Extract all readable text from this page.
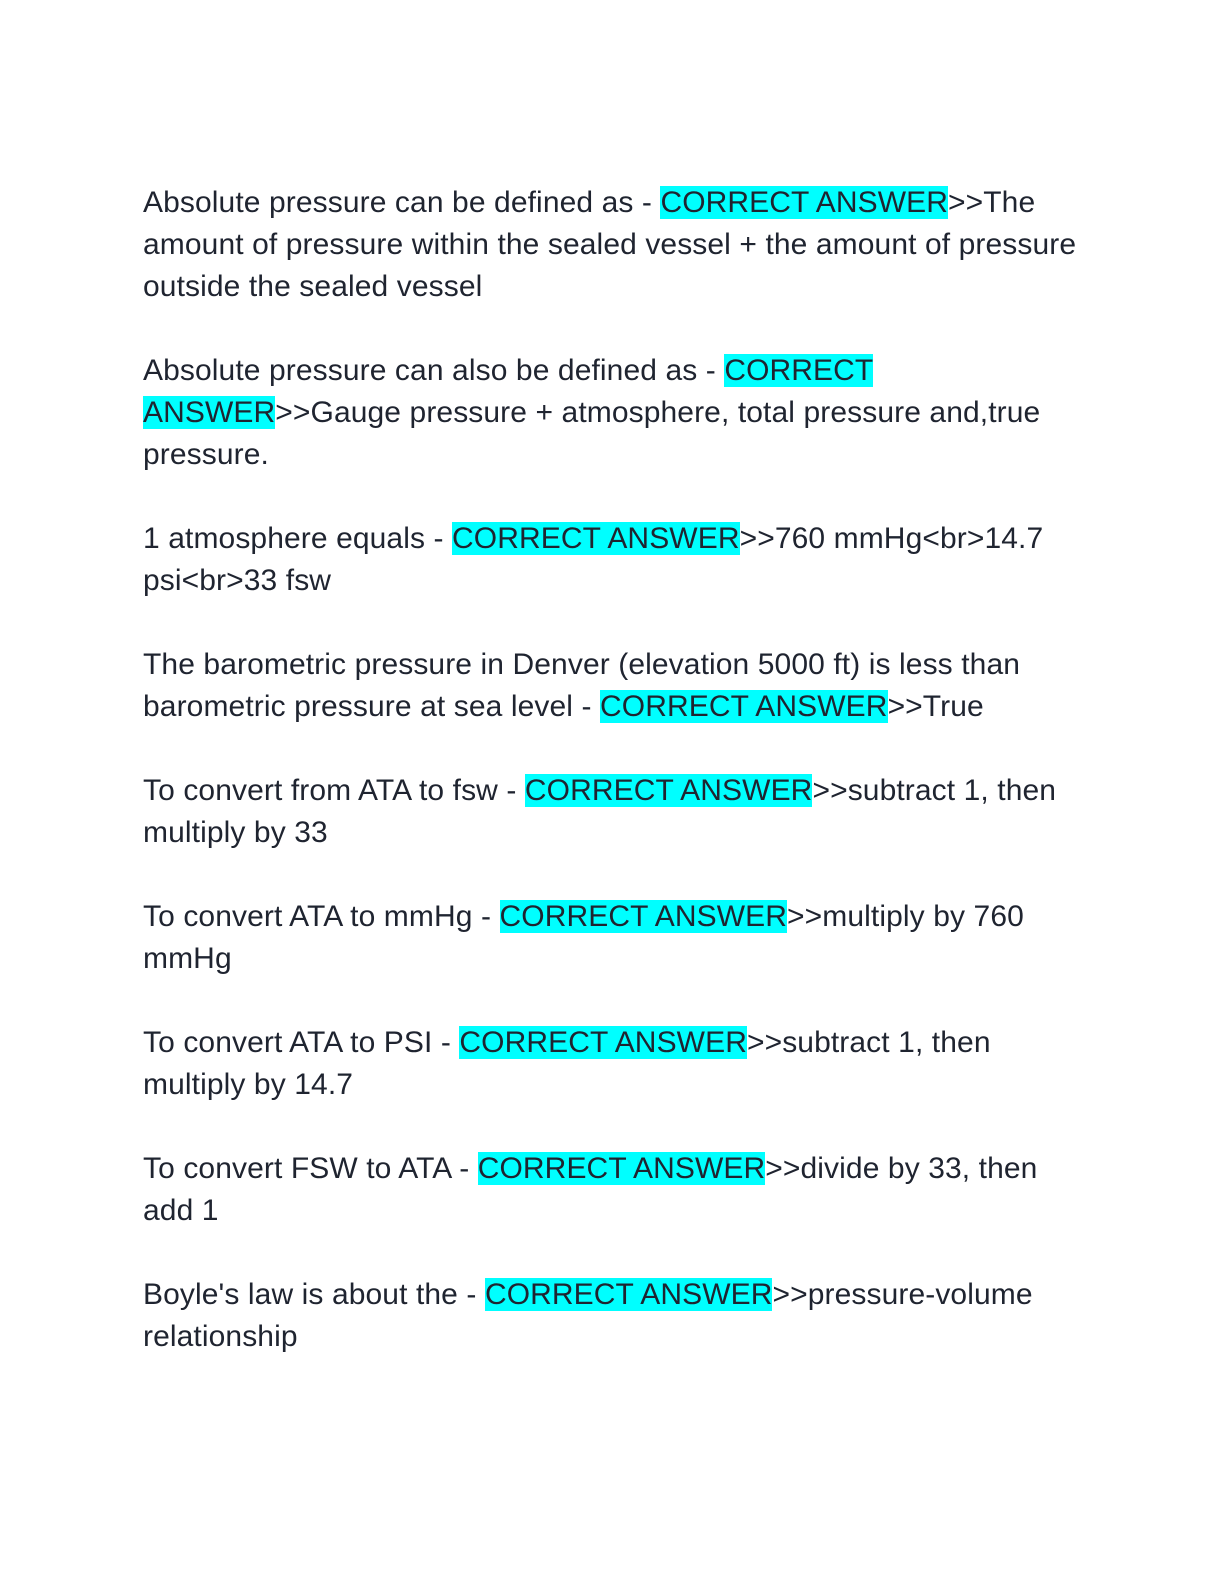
Absolute pressure can be defined as - CORRECT ANSWER>>The amount of pressure within the sealed vessel + the amount of pressure outside the sealed vessel

Absolute pressure can also be defined as - CORRECT ANSWER>>Gauge pressure + atmosphere, total pressure and,true pressure.

1 atmosphere equals - CORRECT ANSWER>>760 mmHg<br>14.7 psi<br>33 fsw

The barometric pressure in Denver (elevation 5000 ft) is less than barometric pressure at sea level - CORRECT ANSWER>>True

To convert from ATA to fsw - CORRECT ANSWER>>subtract 1, then multiply by 33

To convert ATA to mmHg - CORRECT ANSWER>>multiply by 760 mmHg

To convert ATA to PSI - CORRECT ANSWER>>subtract 1, then multiply by 14.7

To convert FSW to ATA - CORRECT ANSWER>>divide by 33, then add 1

Boyle's law is about the - CORRECT ANSWER>>pressure-volume relationship
